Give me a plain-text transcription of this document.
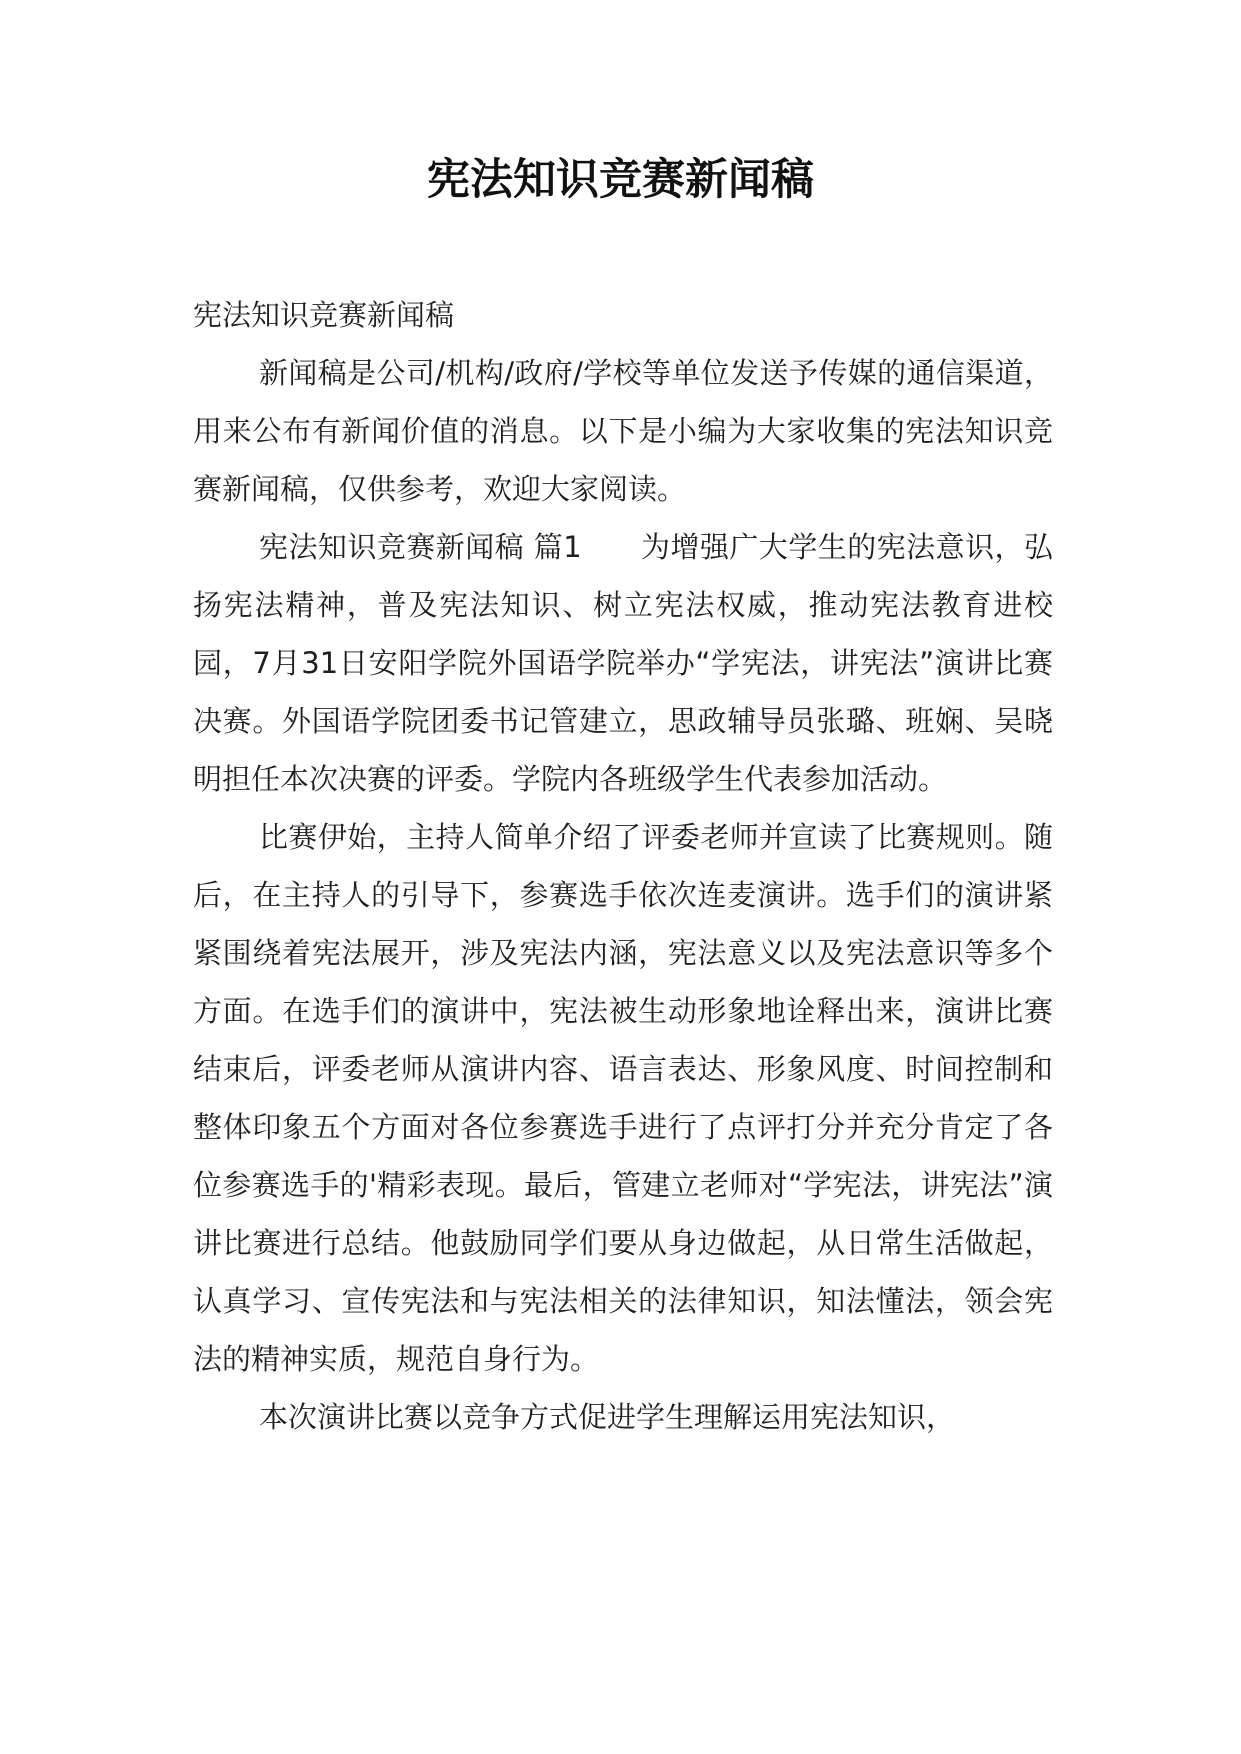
宪法知识竞赛新闻稿

宪法知识竞赛新闻稿

新闻稿是公司/机构/政府/学校等单位发送予传媒的通信渠道，用来公布有新闻价值的消息。以下是小编为大家收集的宪法知识竞赛新闻稿，仅供参考，欢迎大家阅读。

宪法知识竞赛新闻稿 篇1　　为增强广大学生的宪法意识，弘扬宪法精神，普及宪法知识、树立宪法权威，推动宪法教育进校园，7月31日安阳学院外国语学院举办“学宪法，讲宪法”演讲比赛决赛。外国语学院团委书记管建立，思政辅导员张璐、班娴、吴晓明担任本次决赛的评委。学院内各班级学生代表参加活动。

比赛伊始，主持人简单介绍了评委老师并宣读了比赛规则。随后，在主持人的引导下，参赛选手依次连麦演讲。选手们的演讲紧紧围绕着宪法展开，涉及宪法内涵，宪法意义以及宪法意识等多个方面。在选手们的演讲中，宪法被生动形象地诠释出来，演讲比赛结束后，评委老师从演讲内容、语言表达、形象风度、时间控制和整体印象五个方面对各位参赛选手进行了点评打分并充分肯定了各位参赛选手的'精彩表现。最后，管建立老师对“学宪法，讲宪法”演讲比赛进行总结。他鼓励同学们要从身边做起，从日常生活做起，认真学习、宣传宪法和与宪法相关的法律知识，知法懂法，领会宪法的精神实质，规范自身行为。

本次演讲比赛以竞争方式促进学生理解运用宪法知识，
